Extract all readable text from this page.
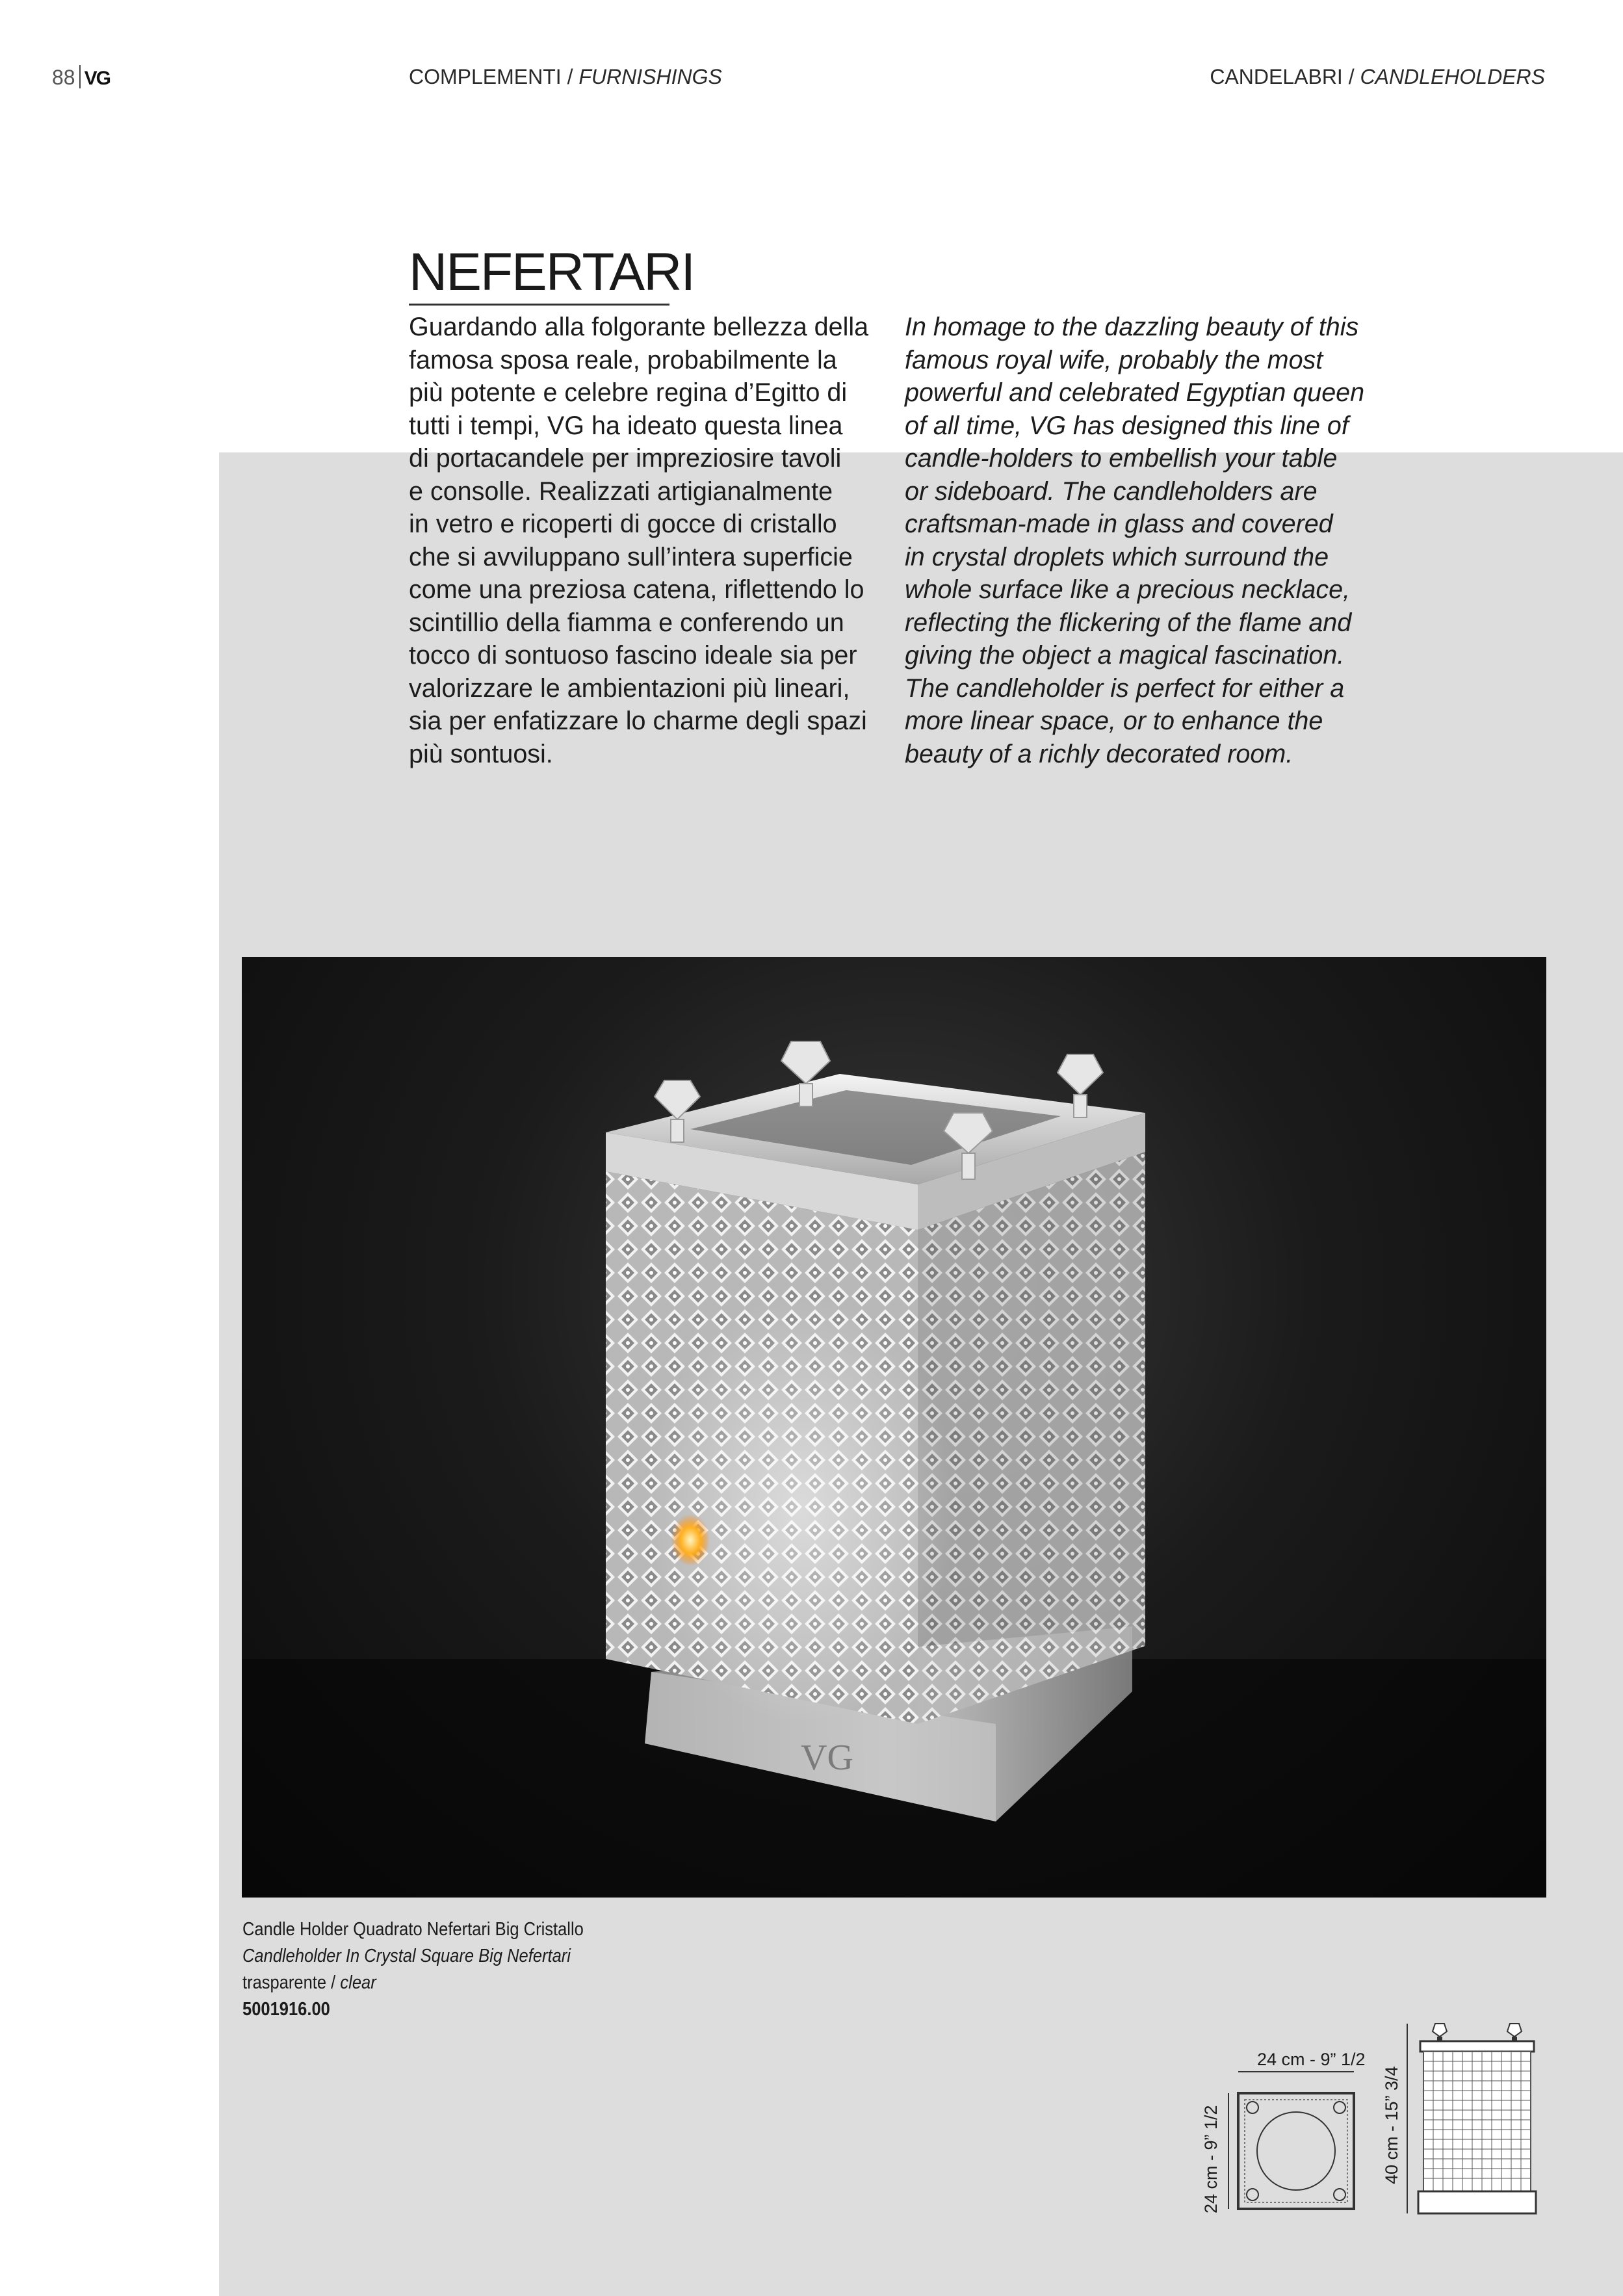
88 VG	COMPLEMENTI / FURNISHINGS	CANDELABRI / CANDLEHOLDERS
NEFERTARI
Guardando alla folgorante bellezza della
famosa sposa reale, probabilmente la
più potente e celebre regina d’Egitto di
tutti i tempi, VG ha ideato questa linea
di portacandele per impreziosire tavoli
e consolle. Realizzati artigianalmente
in vetro e ricoperti di gocce di cristallo
che si avviluppano sull’intera superficie
come una preziosa catena, riflettendo lo
scintillio della fiamma e conferendo un
tocco di sontuoso fascino ideale sia per
valorizzare le ambientazioni più lineari,
sia per enfatizzare lo charme degli spazi
più sontuosi.
In homage to the dazzling beauty of this
famous royal wife, probably the most
powerful and celebrated Egyptian queen
of all time, VG has designed this line of
candle-holders to embellish your table
or sideboard. The candleholders are
craftsman-made in glass and covered
in crystal droplets which surround the
whole surface like a precious necklace,
reflecting the flickering of the flame and
giving the object a magical fascination.
The candleholder is perfect for either a
more linear space, or to enhance the
beauty of a richly decorated room.
VG
Candle Holder Quadrato Nefertari Big Cristallo
Candleholder In Crystal Square Big Nefertari
trasparente / clear
5001916.00
24 cm - 9” 1/2
24 cm - 9” 1/2	40 cm - 15” 3/4
